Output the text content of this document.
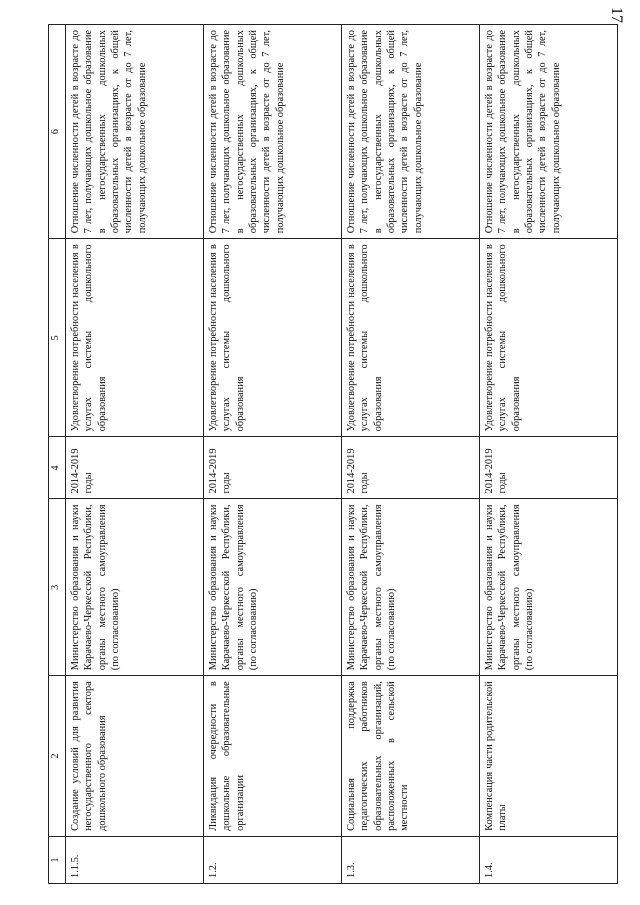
17
1	2	3	4	5	6
1.1.5.	Создание условий для развития негосударственного сектора дошкольного образования	Министерство образования и науки Карачаево-Черкесской Республики, органы местного самоуправления (по согласованию)	2014-2019 годы	Удовлетворение потребности населения в услугах системы дошкольного образования	Отношение численности детей в возрасте до 7 лет, получающих дошкольное образование в негосударственных дошкольных образовательных организациях, к общей численности детей в возрасте от до 7 лет, получающих дошкольное образование
1.2.	Ликвидация очередности в дошкольные образовательные организации	Министерство образования и науки Карачаево-Черкесской Республики, органы местного самоуправления (по согласованию)	2014-2019 годы	Удовлетворение потребности населения в услугах системы дошкольного образования	Отношение численности детей в возрасте до 7 лет, получающих дошкольное образование в негосударственных дошкольных образовательных организациях, к общей численности детей в возрасте от до 7 лет, получающих дошкольное образование
1.3.	Социальная поддержка педагогических работников образовательных организаций, расположенных в сельской местности	Министерство образования и науки Карачаево-Черкесской Республики, органы местного самоуправления (по согласованию)	2014-2019 годы	Удовлетворение потребности населения в услугах системы дошкольного образования	Отношение численности детей в возрасте до 7 лет, получающих дошкольное образование в негосударственных дошкольных образовательных организациях, к общей численности детей в возрасте от до 7 лет, получающих дошкольное образование
1.4.	Компенсация части родительской платы	Министерство образования и науки Карачаево-Черкесской Республики, органы местного самоуправления (по согласованию)	2014-2019 годы	Удовлетворение потребности населения в услугах системы дошкольного образования	Отношение численности детей в возрасте до 7 лет, получающих дошкольное образование в негосударственных дошкольных образовательных организациях, к общей численности детей в возрасте от до 7 лет, получающих дошкольное образование
